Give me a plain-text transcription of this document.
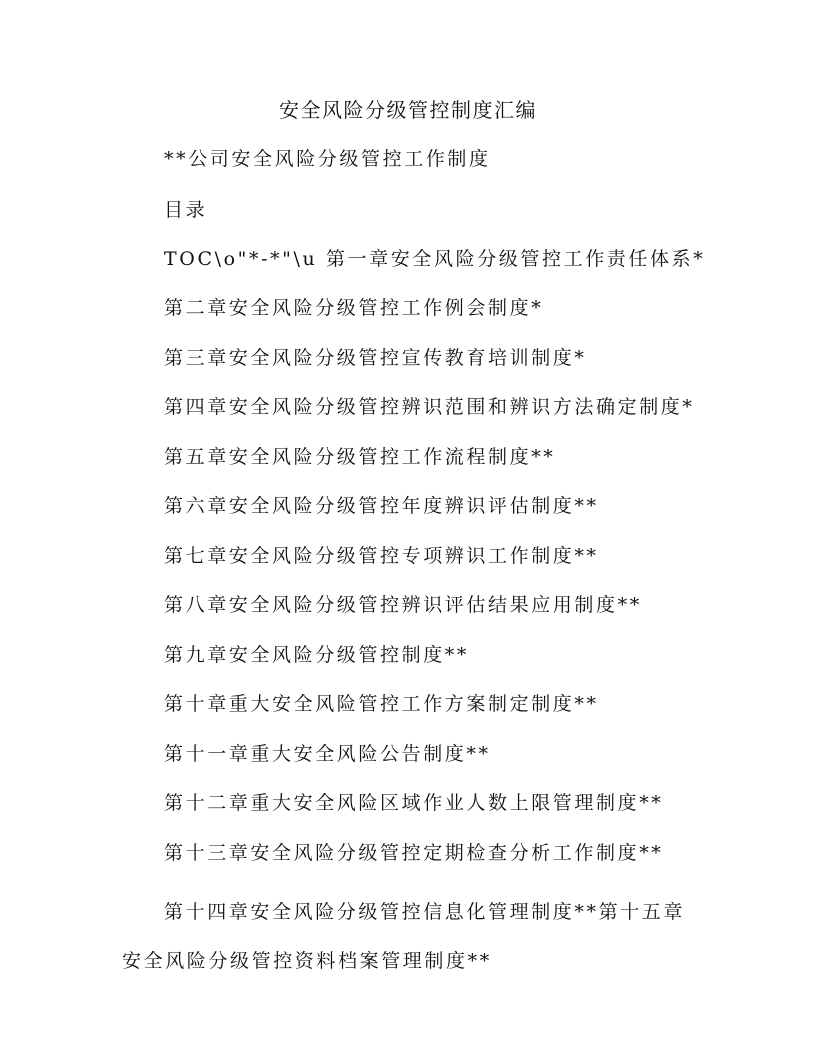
安全风险分级管控制度汇编
**公司安全风险分级管控工作制度
目录
TOC\o"*-*"\u 第一章安全风险分级管控工作责任体系*
第二章安全风险分级管控工作例会制度*
第三章安全风险分级管控宣传教育培训制度*
第四章安全风险分级管控辨识范围和辨识方法确定制度*
第五章安全风险分级管控工作流程制度**
第六章安全风险分级管控年度辨识评估制度**
第七章安全风险分级管控专项辨识工作制度**
第八章安全风险分级管控辨识评估结果应用制度**
第九章安全风险分级管控制度**
第十章重大安全风险管控工作方案制定制度**
第十一章重大安全风险公告制度**
第十二章重大安全风险区域作业人数上限管理制度**
第十三章安全风险分级管控定期检查分析工作制度**
第十四章安全风险分级管控信息化管理制度**第十五章安全风险分级管控资料档案管理制度**
